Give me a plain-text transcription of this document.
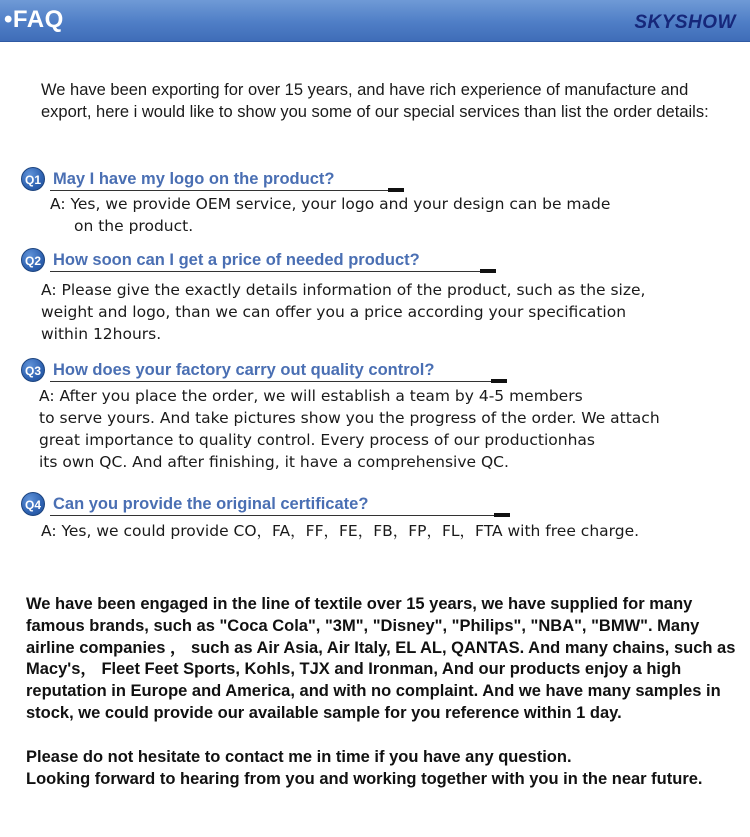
•FAQ	SKYSHOW
We have been exporting for over 15 years, and have rich experience of manufacture and export, here i would like to show you some of our special services than list the order details:
Q1 May I have my logo on the product?
A: Yes, we provide OEM service, your logo and your design can be made
on the product.
Q2 How soon can I get a price of needed product?
A: Please give the exactly details information of the product, such as the size,
weight and logo, than we can offer you a price according your specification
within 12hours.
Q3 How does your factory carry out quality control?
A: After you place the order, we will establish a team by 4-5 members
to serve yours. And take pictures show you the progress of the order. We attach
great importance to quality control. Every process of our productionhas
its own QC. And after finishing, it have a comprehensive QC.
Q4 Can you provide the original certificate?
A: Yes, we could provide CO，FA，FF，FE，FB，FP，FL，FTA with free charge.

We have been engaged in the line of textile over 15 years, we have supplied for many famous brands, such as "Coca Cola", "3M", "Disney", "Philips", "NBA", "BMW". Many airline companies ， such as Air Asia, Air Italy, EL AL, QANTAS. And many chains, such as Macy's， Fleet Feet Sports, Kohls, TJX and Ironman, And our products enjoy a high reputation in Europe and America, and with no complaint. And we have many samples in stock, we could provide our available sample for you reference within 1 day.

Please do not hesitate to contact me in time if you have any question.

Looking forward to hearing from you and working together with you in the near future.
